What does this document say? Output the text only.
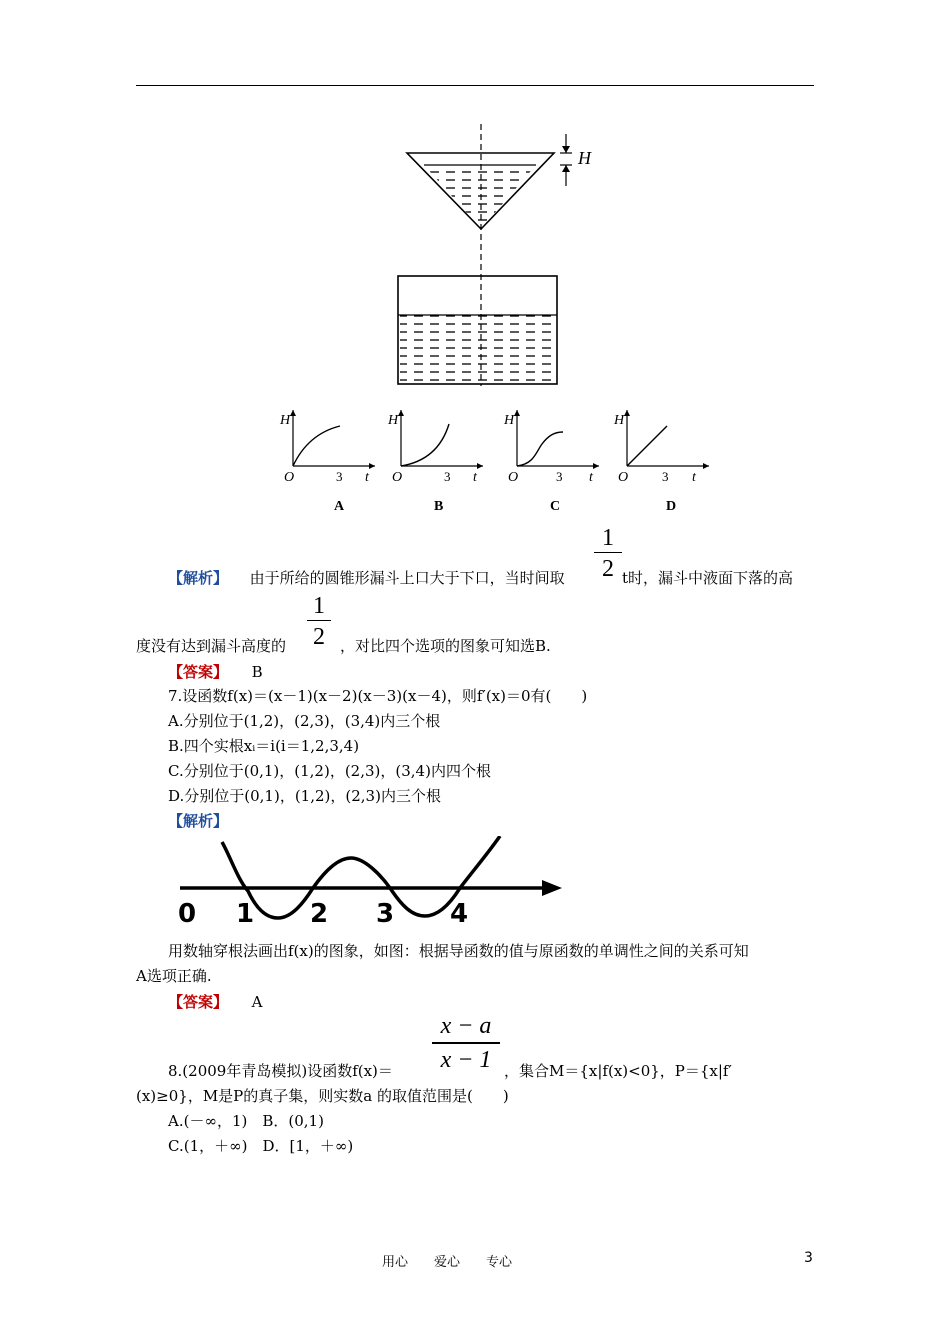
H
H
O	3 t
A
H
O	3 t
B
H
O	3 t
C
H
O	3 t
D
【解析】 由于所给的圆锥形漏斗上口大于下口，当时间取
1
2 t时，漏斗中液面下落的高
度没有达到漏斗高度的
1
2	，对比四个选项的图象可知选B.
【答案】 B
7.设函数f(x)＝(x－1)(x－2)(x－3)(x－4)，则f′(x)＝0有(　　)
A.分别位于(1,2)，(2,3)，(3,4)内三个根
B.四个实根xᵢ＝i(i＝1,2,3,4)
C.分别位于(0,1)，(1,2)，(2,3)，(3,4)内四个根
D.分别位于(0,1)，(1,2)，(2,3)内三个根
【解析】
0 1 2 3 4
用数轴穿根法画出f(x)的图象，如图：根据导函数的值与原函数的单调性之间的关系可知
A选项正确.
【答案】 A
x − a
x − 1
8.(2009年青岛模拟)设函数f(x)＝	，集合M＝{x|f(x)<0}，P＝{x|f′
(x)≥0}，M是P的真子集，则实数a 的取值范围是(　　)
A.(－∞，1)　B．(0,1)
C.(1，＋∞)　D．[1，＋∞)
用心　　爱心　　专心	3
